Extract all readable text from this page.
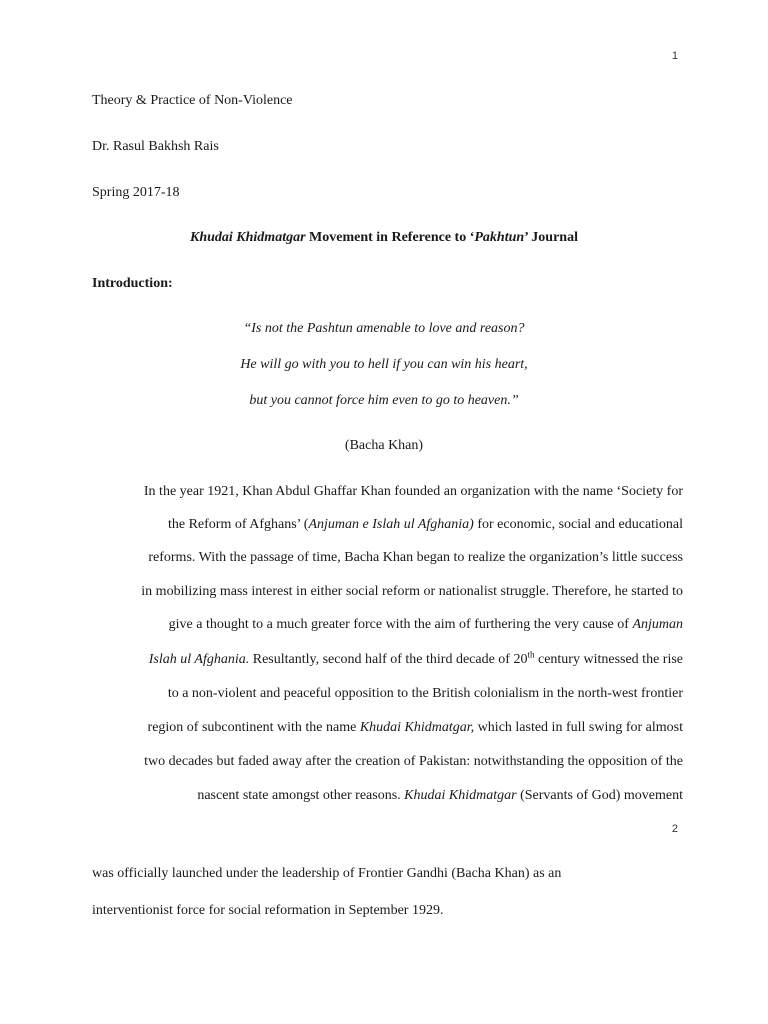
1
Theory & Practice of Non-Violence
Dr. Rasul Bakhsh Rais
Spring 2017-18
Khudai Khidmatgar Movement in Reference to ‘Pakhtun’ Journal
Introduction:
“Is not the Pashtun amenable to love and reason?
He will go with you to hell if you can win his heart,
but you cannot force him even to go to heaven.”
(Bacha Khan)
In the year 1921, Khan Abdul Ghaffar Khan founded an organization with the name ‘Society for
the Reform of Afghans’ (Anjuman e Islah ul Afghania) for economic, social and educational
reforms. With the passage of time, Bacha Khan began to realize the organization’s little success
in mobilizing mass interest in either social reform or nationalist struggle. Therefore, he started to
give a thought to a much greater force with the aim of furthering the very cause of Anjuman
Islah ul Afghania. Resultantly, second half of the third decade of 20th century witnessed the rise
to a non-violent and peaceful opposition to the British colonialism in the north-west frontier
region of subcontinent with the name Khudai Khidmatgar, which lasted in full swing for almost
two decades but faded away after the creation of Pakistan: notwithstanding the opposition of the
nascent state amongst other reasons. Khudai Khidmatgar (Servants of God) movement
2
was officially launched under the leadership of Frontier Gandhi (Bacha Khan) as an
interventionist force for social reformation in September 1929.
